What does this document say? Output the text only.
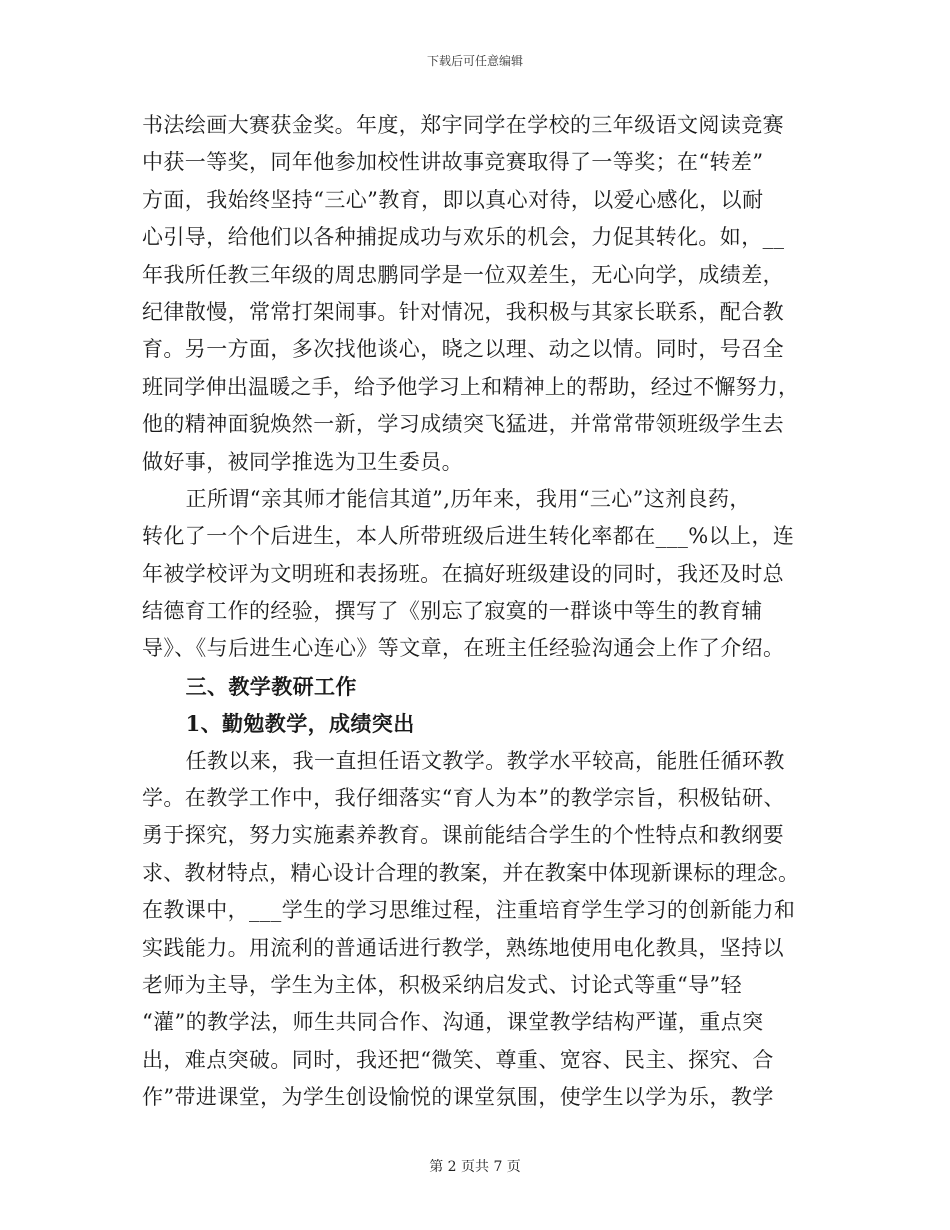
下载后可任意编辑
书法绘画大赛获金奖。年度，郑宇同学在学校的三年级语文阅读竞赛
中获一等奖，同年他参加校性讲故事竞赛取得了一等奖；在“转差”
方面，我始终坚持“三心”教育，即以真心对待，以爱心感化，以耐
心引导，给他们以各种捕捉成功与欢乐的机会，力促其转化。如，__
年我所任教三年级的周忠鹏同学是一位双差生，无心向学，成绩差，
纪律散慢，常常打架闹事。针对情况，我积极与其家长联系，配合教
育。另一方面，多次找他谈心，晓之以理、动之以情。同时，号召全
班同学伸出温暖之手，给予他学习上和精神上的帮助，经过不懈努力，
他的精神面貌焕然一新，学习成绩突飞猛进，并常常带领班级学生去
做好事，被同学推选为卫生委员。
正所谓“亲其师才能信其道”,历年来，我用“三心”这剂良药，
转化了一个个后进生，本人所带班级后进生转化率都在___%以上，连
年被学校评为文明班和表扬班。在搞好班级建设的同时，我还及时总
结德育工作的经验，撰写了《别忘了寂寞的一群谈中等生的教育辅
导》、《与后进生心连心》等文章，在班主任经验沟通会上作了介绍。
三、教学教研工作
1、勤勉教学，成绩突出
任教以来，我一直担任语文教学。教学水平较高，能胜任循环教
学。在教学工作中，我仔细落实“育人为本”的教学宗旨，积极钻研、
勇于探究，努力实施素养教育。课前能结合学生的个性特点和教纲要
求、教材特点，精心设计合理的教案，并在教案中体现新课标的理念。
在教课中，___学生的学习思维过程，注重培育学生学习的创新能力和
实践能力。用流利的普通话进行教学，熟练地使用电化教具，坚持以
老师为主导，学生为主体，积极采纳启发式、讨论式等重“导”轻
“灌”的教学法，师生共同合作、沟通，课堂教学结构严谨，重点突
出，难点突破。同时，我还把“微笑、尊重、宽容、民主、探究、合
作”带进课堂，为学生创设愉悦的课堂氛围，使学生以学为乐，教学
第 2 页共 7 页
